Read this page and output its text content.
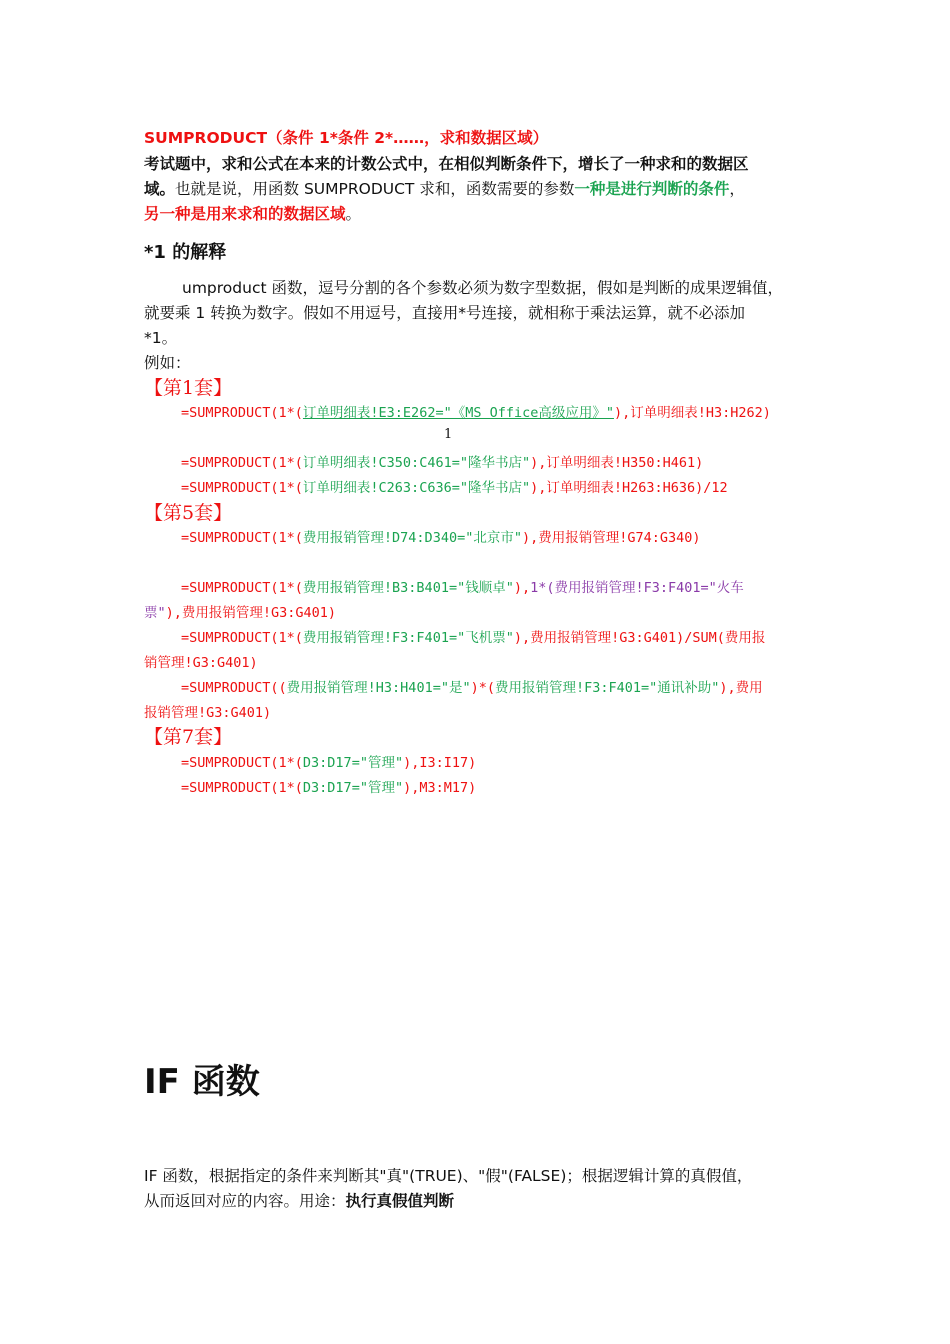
SUMPRODUCT（条件 1*条件 2*……，求和数据区域）
考试题中，求和公式在本来的计数公式中，在相似判断条件下，增长了一种求和的数据区
域。也就是说，用函数 SUMPRODUCT 求和，函数需要的参数一种是进行判断的条件，
另一种是用来求和的数据区域。
*1 的解释
umproduct 函数，逗号分割的各个参数必须为数字型数据，假如是判断的成果逻辑值，
就要乘 1 转换为数字。假如不用逗号，直接用*号连接，就相称于乘法运算，就不必添加
*1。
例如：
【第1套】
=SUMPRODUCT(1*(订单明细表!E3:E262="《MS Office高级应用》"),订单明细表!H3:H262)
1
=SUMPRODUCT(1*(订单明细表!C350:C461="隆华书店"),订单明细表!H350:H461)
=SUMPRODUCT(1*(订单明细表!C263:C636="隆华书店"),订单明细表!H263:H636)/12
【第5套】
=SUMPRODUCT(1*(费用报销管理!D74:D340="北京市"),费用报销管理!G74:G340)
=SUMPRODUCT(1*(费用报销管理!B3:B401="钱顺卓"),1*(费用报销管理!F3:F401="火车
票"),费用报销管理!G3:G401)
=SUMPRODUCT(1*(费用报销管理!F3:F401="飞机票"),费用报销管理!G3:G401)/SUM(费用报
销管理!G3:G401)
=SUMPRODUCT((费用报销管理!H3:H401="是")*(费用报销管理!F3:F401="通讯补助"),费用
报销管理!G3:G401)
【第7套】
=SUMPRODUCT(1*(D3:D17="管理"),I3:I17)
=SUMPRODUCT(1*(D3:D17="管理"),M3:M17)
IF 函数
IF 函数，根据指定的条件来判断其"真"(TRUE)、"假"(FALSE)；根据逻辑计算的真假值，
从而返回对应的内容。用途：执行真假值判断
